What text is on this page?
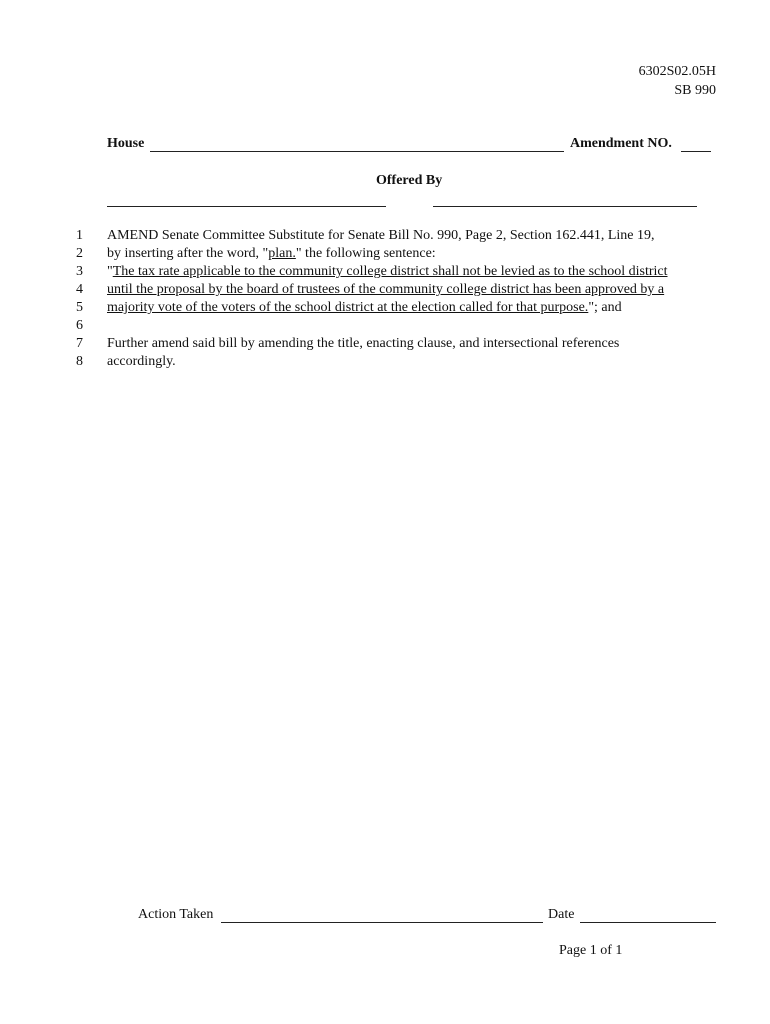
6302S02.05H
SB 990
House	Amendment NO.
Offered By
1
2
3
4
5
6
7
8
AMEND Senate Committee Substitute for Senate Bill No. 990, Page 2, Section 162.441, Line 19,
by inserting after the word, "plan." the following sentence:
"The tax rate applicable to the community college district shall not be levied as to the school district
until the proposal by the board of trustees of the community college district has been approved by a
majority vote of the voters of the school district at the election called for that purpose."; and
Further amend said bill by amending the title, enacting clause, and intersectional references
accordingly.
Action Taken	Date
Page 1 of 1
